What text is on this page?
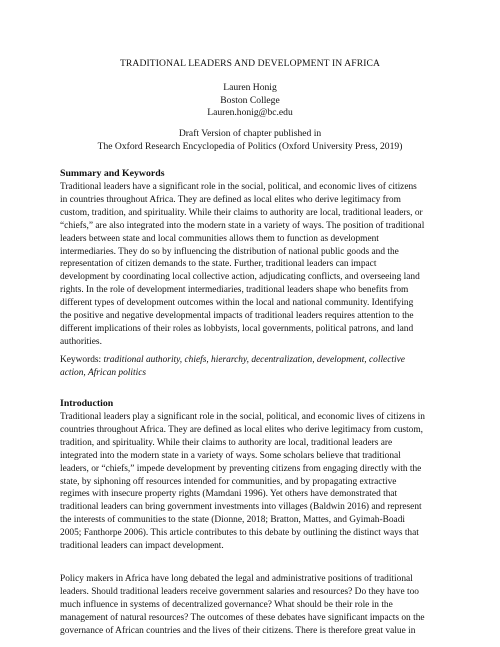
TRADITIONAL LEADERS AND DEVELOPMENT IN AFRICA
Lauren Honig
Boston College
Lauren.honig@bc.edu
Draft Version of chapter published in
The Oxford Research Encyclopedia of Politics (Oxford University Press, 2019)
Summary and Keywords
Traditional leaders have a significant role in the social, political, and economic lives of citizens
in countries throughout Africa. They are defined as local elites who derive legitimacy from
custom, tradition, and spirituality. While their claims to authority are local, traditional leaders, or
“chiefs,” are also integrated into the modern state in a variety of ways. The position of traditional
leaders between state and local communities allows them to function as development
intermediaries. They do so by influencing the distribution of national public goods and the
representation of citizen demands to the state. Further, traditional leaders can impact
development by coordinating local collective action, adjudicating conflicts, and overseeing land
rights. In the role of development intermediaries, traditional leaders shape who benefits from
different types of development outcomes within the local and national community. Identifying
the positive and negative developmental impacts of traditional leaders requires attention to the
different implications of their roles as lobbyists, local governments, political patrons, and land
authorities.
Keywords: traditional authority, chiefs, hierarchy, decentralization, development, collective
action, African politics
Introduction
Traditional leaders play a significant role in the social, political, and economic lives of citizens in
countries throughout Africa. They are defined as local elites who derive legitimacy from custom,
tradition, and spirituality. While their claims to authority are local, traditional leaders are
integrated into the modern state in a variety of ways. Some scholars believe that traditional
leaders, or “chiefs,” impede development by preventing citizens from engaging directly with the
state, by siphoning off resources intended for communities, and by propagating extractive
regimes with insecure property rights (Mamdani 1996). Yet others have demonstrated that
traditional leaders can bring government investments into villages (Baldwin 2016) and represent
the interests of communities to the state (Dionne, 2018; Bratton, Mattes, and Gyimah-Boadi
2005; Fanthorpe 2006). This article contributes to this debate by outlining the distinct ways that
traditional leaders can impact development.
Policy makers in Africa have long debated the legal and administrative positions of traditional
leaders. Should traditional leaders receive government salaries and resources? Do they have too
much influence in systems of decentralized governance? What should be their role in the
management of natural resources? The outcomes of these debates have significant impacts on the
governance of African countries and the lives of their citizens. There is therefore great value in
